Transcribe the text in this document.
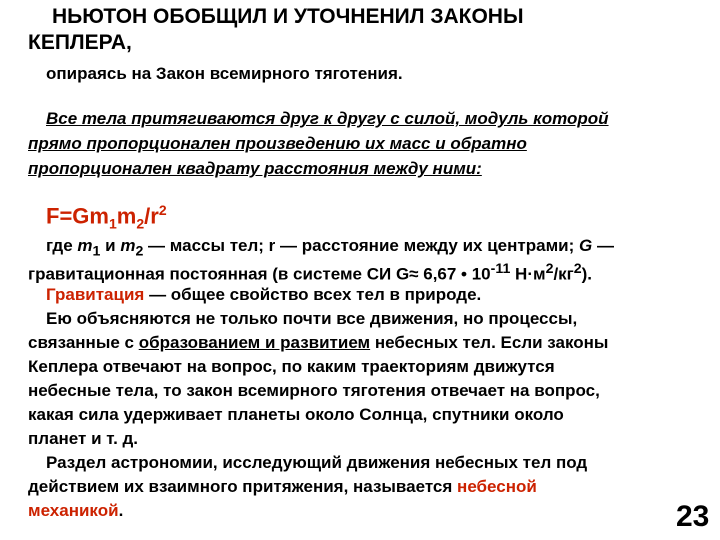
НЬЮТОН ОБОБЩИЛ И УТОЧНЕНИЛ ЗАКОНЫ
КЕПЛЕРА,
опираясь на Закон всемирного тяготения.
Все тела притягиваются друг к другу с силой, модуль которой
прямо пропорционален произведению их масс и обратно
пропорционален квадрату расстояния между ними:
$F=Gm_1m_2/r^2$
где $m_1$ и $m_2$ — массы тел; r — расстояние между их центрами; G —
гравитационная постоянная (в системе СИ G≈ 6,67 • $10^{-11}$ $Н\cdot м^2/кг^2$).
Гравитация — общее свойство всех тел в природе.
Ею объясняются не только почти все движения, но процессы,
связанные с образованием и развитием небесных тел. Если законы
Кеплера отвечают на вопрос, по каким траекториям движутся
небесные тела, то закон всемирного тяготения отвечает на вопрос,
какая сила удерживает планеты около Солнца, спутники около
планет и т. д.
Раздел астрономии, исследующий движения небесных тел под
действием их взаимного притяжения, называется небесной
механикой.	23
